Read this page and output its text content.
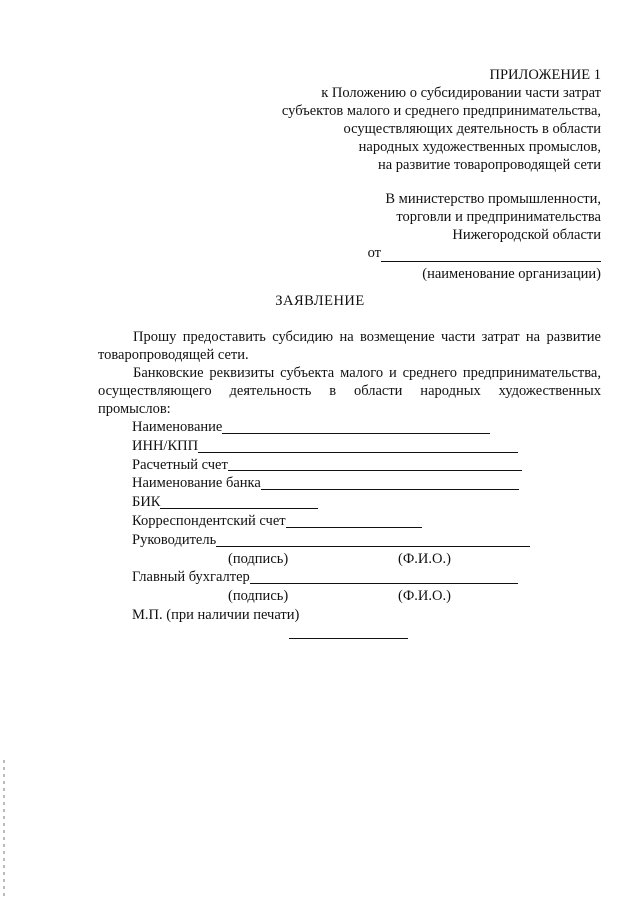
ПРИЛОЖЕНИЕ 1
к Положению о субсидировании части затрат
субъектов малого и среднего предпринимательства,
осуществляющих деятельность в области
народных художественных промыслов,
на развитие товаропроводящей сети
В министерство промышленности,
торговли и предпринимательства
Нижегородской области
от
(наименование организации)
ЗАЯВЛЕНИЕ
Прошу предоставить субсидию на возмещение части затрат на развитие товаропроводящей сети.
Банковские реквизиты субъекта малого и среднего предпринимательства, осуществляющего деятельность в области народных художественных промыслов:
Наименование
ИНН/КПП
Расчетный счет
Наименование банка
БИК
Корреспондентский счет
Руководитель
(подпись)	(Ф.И.О.)
Главный бухгалтер
(подпись)	(Ф.И.О.)
М.П. (при наличии печати)
